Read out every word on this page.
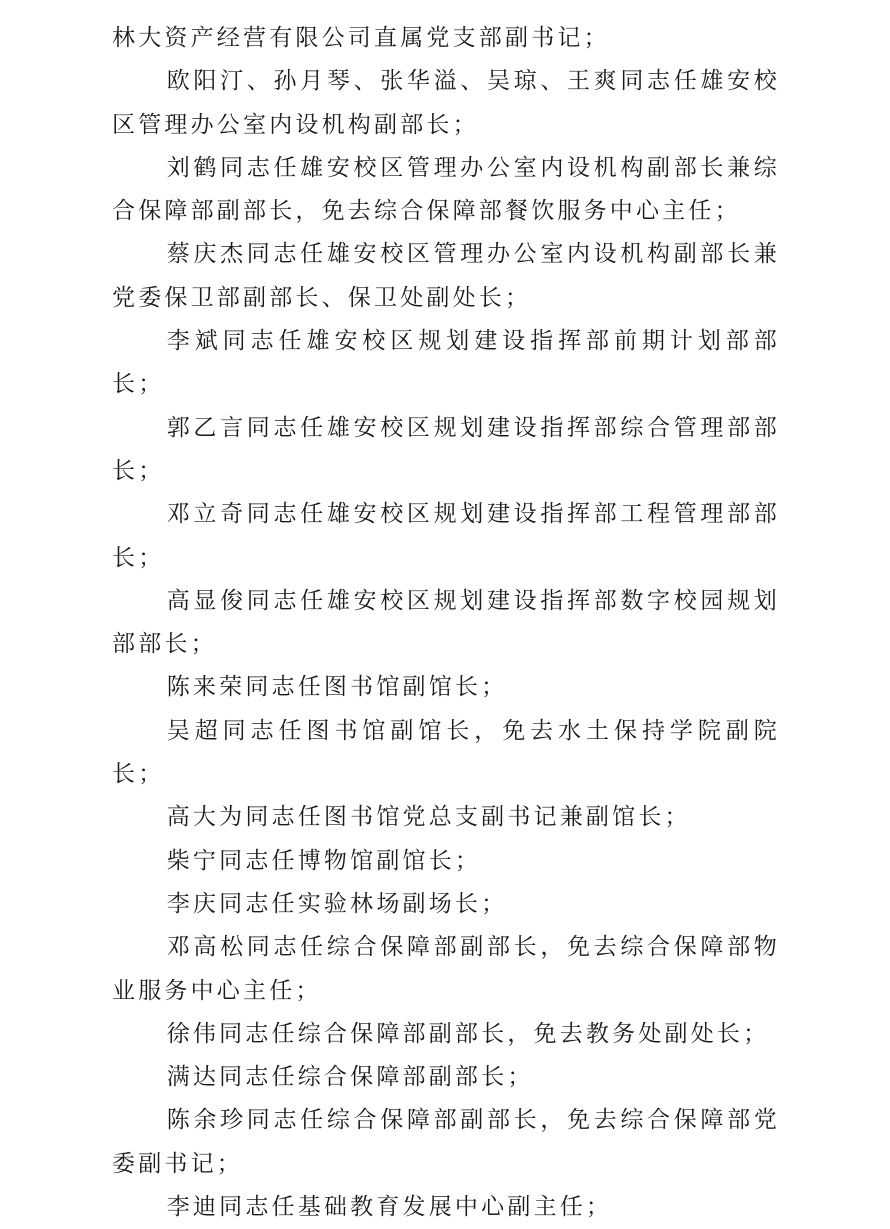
林大资产经营有限公司直属党支部副书记；

欧阳汀、孙月琴、张华溢、吴琼、王爽同志任雄安校区管理办公室内设机构副部长；

刘鹤同志任雄安校区管理办公室内设机构副部长兼综合保障部副部长，免去综合保障部餐饮服务中心主任；

蔡庆杰同志任雄安校区管理办公室内设机构副部长兼党委保卫部副部长、保卫处副处长；

李斌同志任雄安校区规划建设指挥部前期计划部部长；

郭乙言同志任雄安校区规划建设指挥部综合管理部部长；

邓立奇同志任雄安校区规划建设指挥部工程管理部部长；

高显俊同志任雄安校区规划建设指挥部数字校园规划部部长；

陈来荣同志任图书馆副馆长；

吴超同志任图书馆副馆长，免去水土保持学院副院长；

高大为同志任图书馆党总支副书记兼副馆长；

柴宁同志任博物馆副馆长；

李庆同志任实验林场副场长；

邓高松同志任综合保障部副部长，免去综合保障部物业服务中心主任；

徐伟同志任综合保障部副部长，免去教务处副处长；

满达同志任综合保障部副部长；

陈余珍同志任综合保障部副部长，免去综合保障部党委副书记；

李迪同志任基础教育发展中心副主任；
